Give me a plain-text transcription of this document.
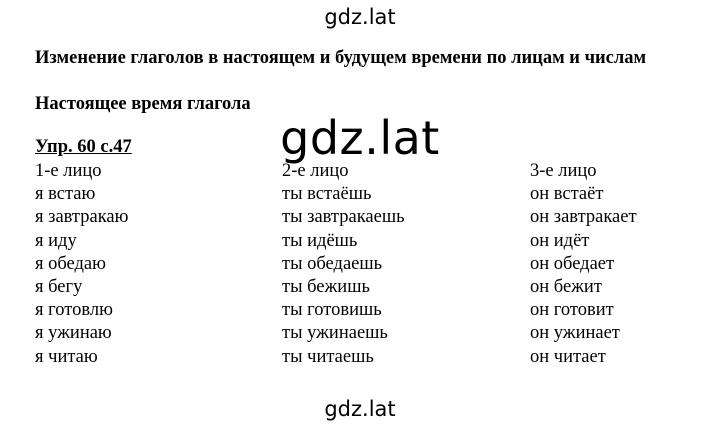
gdz.lat
Изменение глаголов в настоящем и будущем времени по лицам и числам
Настоящее время глагола
Упр. 60 с.47
1-е лицо
я встаю
я завтракаю
я иду
я обедаю
я бегу
я готовлю
я ужинаю
я читаю
2-е лицо
ты встаёшь
ты завтракаешь
ты идёшь
ты обедаешь
ты бежишь
ты готовишь
ты ужинаешь
ты читаешь
3-е лицо
он встаёт
он завтракает
он идёт
он обедает
он бежит
он готовит
он ужинает
он читает
gdz.lat
gdz.lat
